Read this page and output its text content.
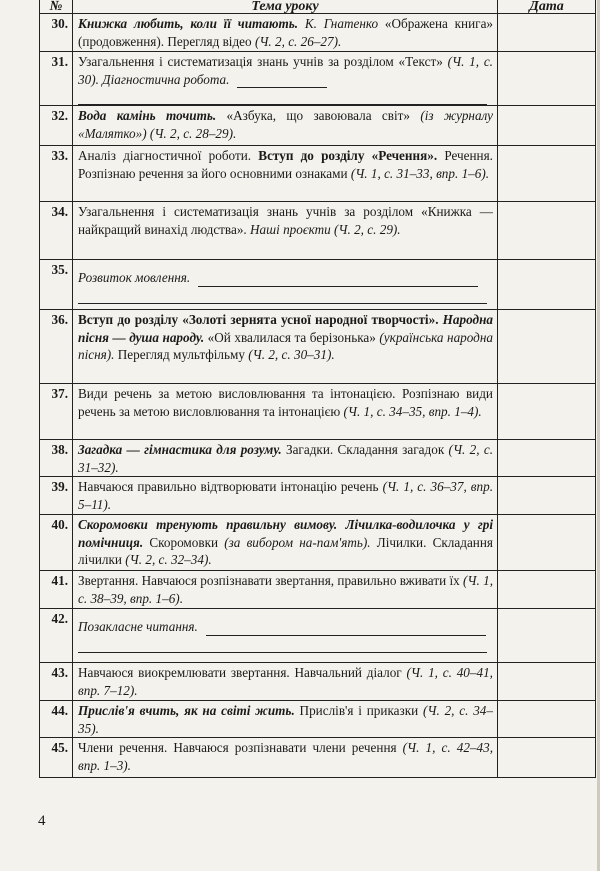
№	Тема уроку	Дата
30.	Книжка любить, коли її читають. К. Гнатенко «Ображена книга» (продовження). Перегляд відео (Ч. 2, с. 26–27).	
31.	Узагальнення і систематизація знань учнів за розділом «Текст» (Ч. 1, с. 30). Діагностична робота.

32.	Вода камінь точить. «Азбука, що завоювала світ» (із журналу «Малятко») (Ч. 2, с. 28–29).	
33.	Аналіз діагностичної роботи. Вступ до розділу «Речення». Речення. Розпізнаю речення за його основними ознаками (Ч. 1, с. 31–33, впр. 1–6).	
34.	Узагальнення і систематизація знань учнів за розділом «Книжка — найкращий винахід людства». Наші проєкти (Ч. 2, с. 29).	
35.	Розвиток мовлення.

36.	Вступ до розділу «Золоті зернята усної народної творчості». Народна пісня — душа народу. «Ой хвалилася та берізонька» (українська народна пісня). Перегляд мультфільму (Ч. 2, с. 30–31).	
37.	Види речень за метою висловлювання та інтонацією. Розпізнаю види речень за метою висловлювання та інтонацією (Ч. 1, с. 34–35, впр. 1–4).	
38.	Загадка — гімнастика для розуму. Загадки. Складання загадок (Ч. 2, с. 31–32).	
39.	Навчаюся правильно відтворювати інтонацію речень (Ч. 1, с. 36–37, впр. 5–11).	
40.	Скоромовки тренують правильну вимову. Лічилка-водилочка у грі помічниця. Скоромовки (за вибором на-пам'ять). Лічилки. Складання лічилки (Ч. 2, с. 32–34).	
41.	Звертання. Навчаюся розпізнавати звертання, правильно вживати їх (Ч. 1, с. 38–39, впр. 1–6).	
42.	Позакласне читання.

43.	Навчаюся виокремлювати звертання. Навчальний діалог (Ч. 1, с. 40–41, впр. 7–12).	
44.	Прислів'я вчить, як на світі жить. Прислів'я і приказки (Ч. 2, с. 34–35).	
45.	Члени речення. Навчаюся розпізнавати члени речення (Ч. 1, с. 42–43, впр. 1–3).	
4
